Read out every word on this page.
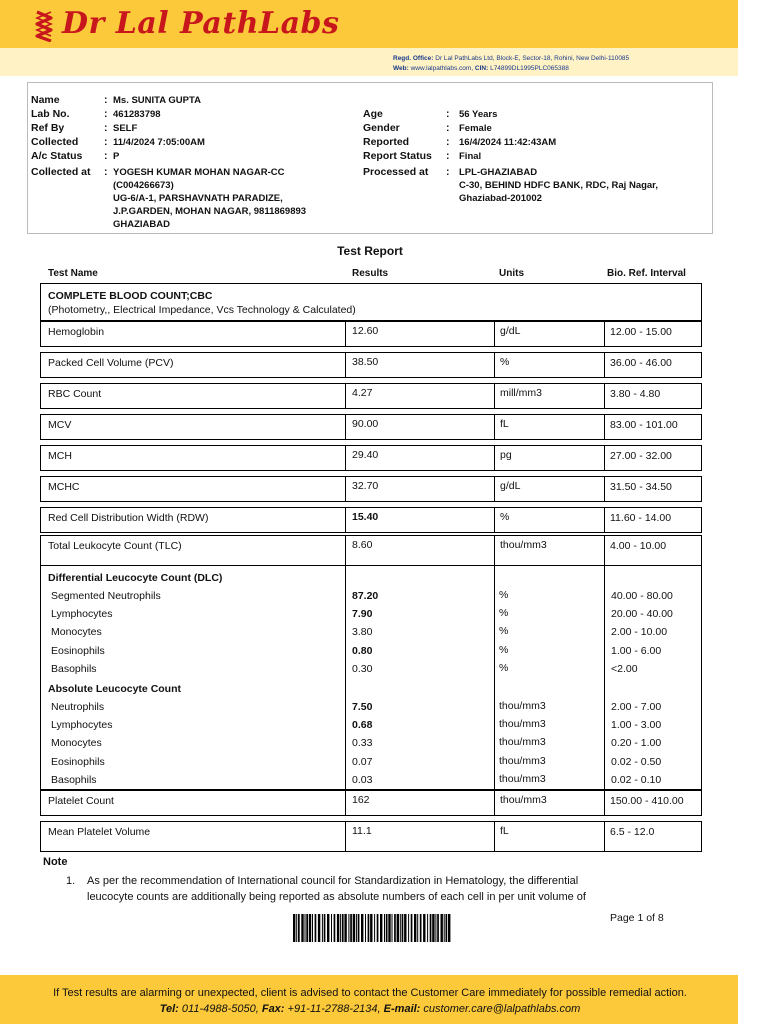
Dr Lal PathLabs
Regd. Office: Dr Lal PathLabs Ltd, Block-E, Sector-18, Rohini, New Delhi-110085
Web: www.lalpathlabs.com, CIN: L74899DL1995PLC065388
Name	: Ms. SUNITA GUPTA
Lab No.	: 461283798
Ref By	: SELF
Collected : 11/4/2024 7:05:00AM
A/c Status : P
Collected at : YOGESH KUMAR MOHAN NAGAR-CC
(C004266673)
UG-6/A-1, PARSHAVNATH PARADIZE,
J.P.GARDEN, MOHAN NAGAR, 9811869893
GHAZIABAD
Age	: 56 Years
Gender	: Female
Reported	: 16/4/2024 11:42:43AM
Report Status : Final
Processed at : LPL-GHAZIABAD
C-30, BEHIND HDFC BANK, RDC, Raj Nagar,
Ghaziabad-201002
Test Report
Test Name	Results	Units	Bio. Ref. Interval
COMPLETE BLOOD COUNT;CBC
(Photometry,, Electrical Impedance, Vcs Technology & Calculated)
Hemoglobin	12.60	g/dL	12.00 - 15.00
Packed Cell Volume (PCV)	38.50	%	36.00 - 46.00
RBC Count	4.27	mill/mm3	3.80 - 4.80
MCV	90.00	fL	83.00 - 101.00
MCH	29.40	pg	27.00 - 32.00
MCHC	32.70	g/dL	31.50 - 34.50
Red Cell Distribution Width (RDW)	15.40	%	11.60 - 14.00
Total Leukocyte Count (TLC)	8.60	thou/mm3	4.00 - 10.00
Differential Leucocyte Count (DLC)
Absolute Leucocyte Count
Segmented Neutrophils	87.20	%	40.00 - 80.00
Lymphocytes	7.90	%	20.00 - 40.00
Monocytes	3.80	%	2.00 - 10.00
Eosinophils	0.80	%	1.00 - 6.00
Basophils	0.30	%	<2.00
Neutrophils	7.50	thou/mm3	2.00 - 7.00
Lymphocytes	0.68	thou/mm3	1.00 - 3.00
Monocytes	0.33	thou/mm3	0.20 - 1.00
Eosinophils	0.07	thou/mm3	0.02 - 0.50
Basophils	0.03	thou/mm3	0.02 - 0.10
Platelet Count	162	thou/mm3	150.00 - 410.00
Mean Platelet Volume	11.1	fL	6.5 - 12.0
Note
1.	As per the recommendation of International council for Standardization in Hematology, the differential
leucocyte counts are additionally being reported as absolute numbers of each cell in per unit volume of
Page 1 of 8
If Test results are alarming or unexpected, client is advised to contact the Customer Care immediately for possible remedial action.
Tel: 011-4988-5050, Fax: +91-11-2788-2134, E-mail: customer.care@lalpathlabs.com
